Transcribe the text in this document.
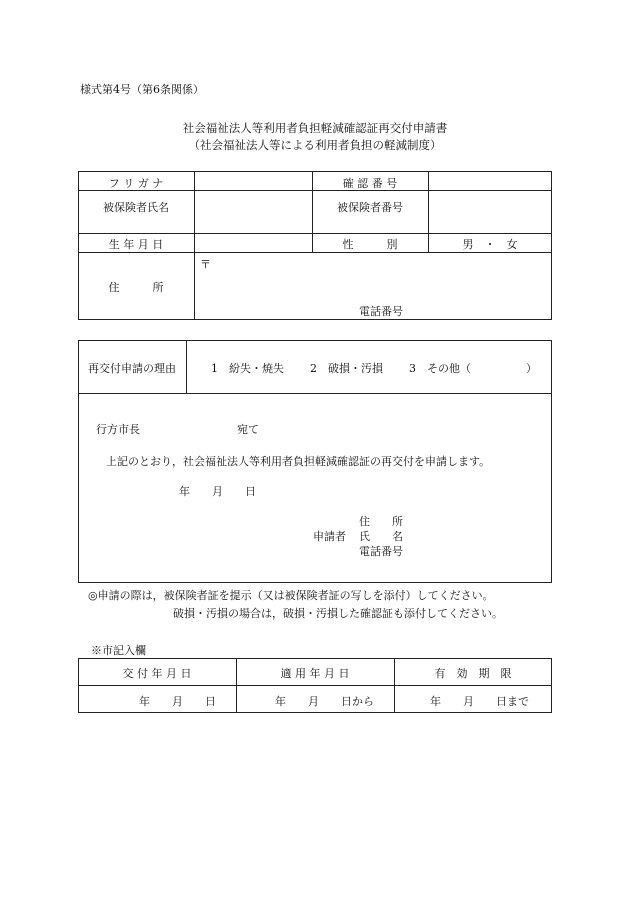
様式第4号（第6条関係）
社会福祉法人等利用者負担軽減確認証再交付申請書
（社会福祉法人等による利用者負担の軽減制度）
フ リ ガ ナ	確 認 番 号
被保険者氏名	被保険者番号
生 年 月 日	性　　　別	男　・　女
住　　　所
〒
電話番号
再交付申請の理由	1　紛失・焼失 2　破損・汚損 3　その他（	）
行方市長	宛て
上記のとおり，社会福祉法人等利用者負担軽減確認証の再交付を申請します。
年　　月　　日
住　　所
申請者 氏　　名
電話番号
◎申請の際は，被保険者証を提示（又は被保険者証の写しを添付）してください。
破損・汚損の場合は，破損・汚損した確認証も添付してください。
※市記入欄
交 付 年 月 日	適 用 年 月 日	有　効　期　限
年　　月　　日	年　　月　　日から	年　　月　　日まで
